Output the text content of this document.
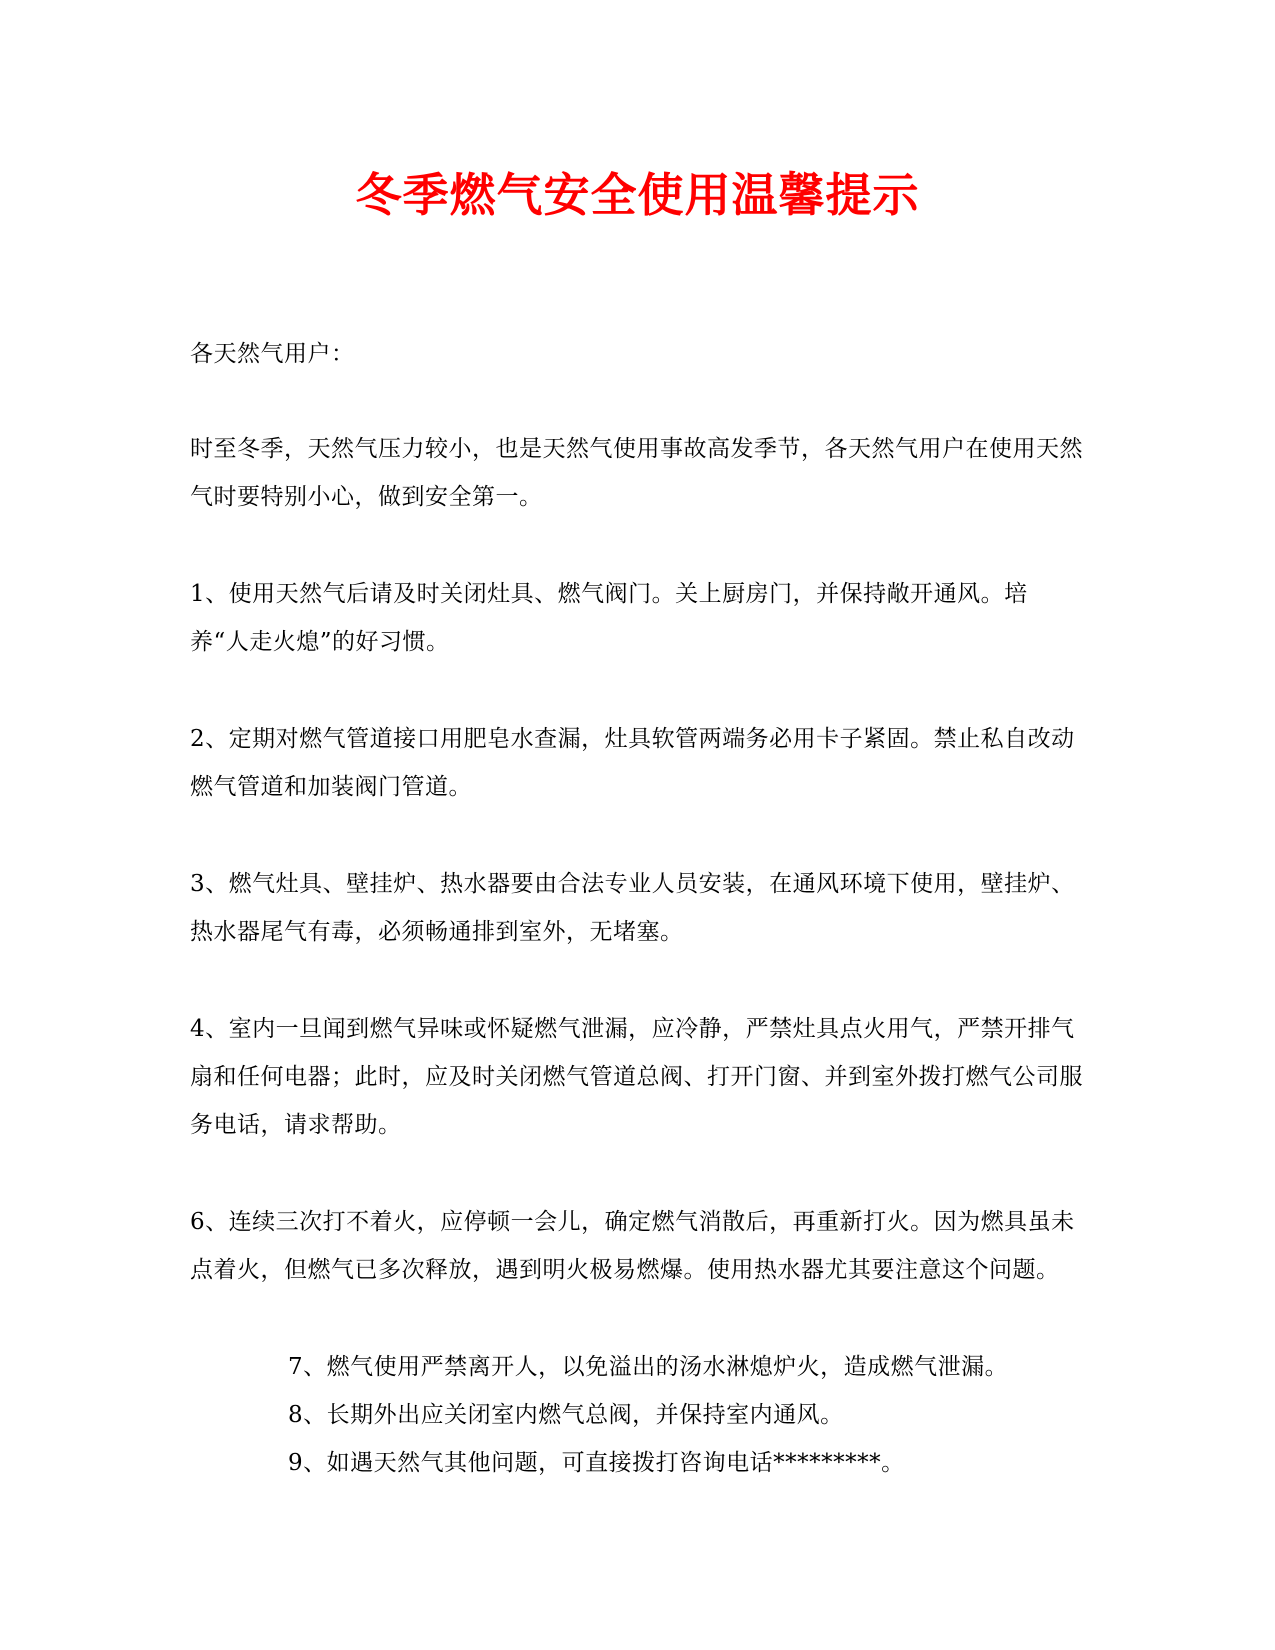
冬季燃气安全使用温馨提示

各天然气用户：

时至冬季，天然气压力较小，也是天然气使用事故高发季节，各天然气用户在使用天然气时要特别小心，做到安全第一。

1、使用天然气后请及时关闭灶具、燃气阀门。关上厨房门，并保持敞开通风。培养“人走火熄”的好习惯。

2、定期对燃气管道接口用肥皂水查漏，灶具软管两端务必用卡子紧固。禁止私自改动燃气管道和加装阀门管道。

3、燃气灶具、壁挂炉、热水器要由合法专业人员安装，在通风环境下使用，壁挂炉、热水器尾气有毒，必须畅通排到室外，无堵塞。

4、室内一旦闻到燃气异味或怀疑燃气泄漏，应冷静，严禁灶具点火用气，严禁开排气扇和任何电器；此时，应及时关闭燃气管道总阀、打开门窗、并到室外拨打燃气公司服务电话，请求帮助。

6、连续三次打不着火，应停顿一会儿，确定燃气消散后，再重新打火。因为燃具虽未点着火，但燃气已多次释放，遇到明火极易燃爆。使用热水器尤其要注意这个问题。

7、燃气使用严禁离开人，以免溢出的汤水淋熄炉火，造成燃气泄漏。

8、长期外出应关闭室内燃气总阀，并保持室内通风。

9、如遇天然气其他问题，可直接拨打咨询电话*********。
